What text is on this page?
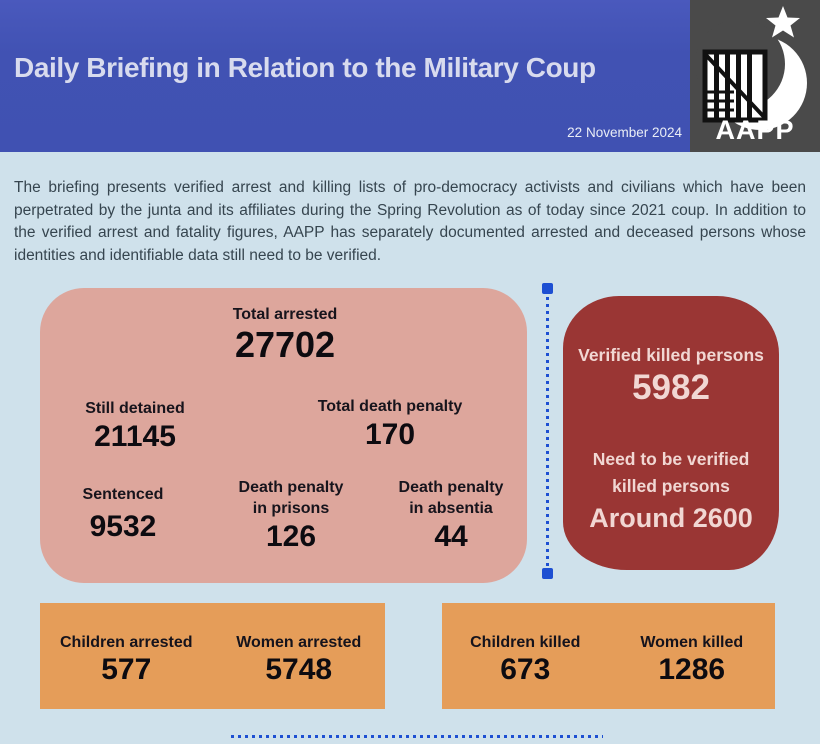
Daily Briefing in Relation to the Military Coup
22 November 2024	AAPP
The briefing presents verified arrest and killing lists of pro-democracy activists and civilians which have been perpetrated by the junta and its affiliates during the Spring Revolution as of today since 2021 coup. In addition to the verified arrest and fatality figures, AAPP has separately documented arrested and deceased persons whose identities and identifiable data still need to be verified.
Total arrested
27702
Still detained
21145
Total death penalty
170
Sentenced
9532
Death penalty
in prisons
126
Death penalty
in absentia
44
Verified killed persons
5982
Need to be verified
killed persons
Around 2600
Children arrested
577
Women arrested
5748
Children killed
673
Women killed
1286
